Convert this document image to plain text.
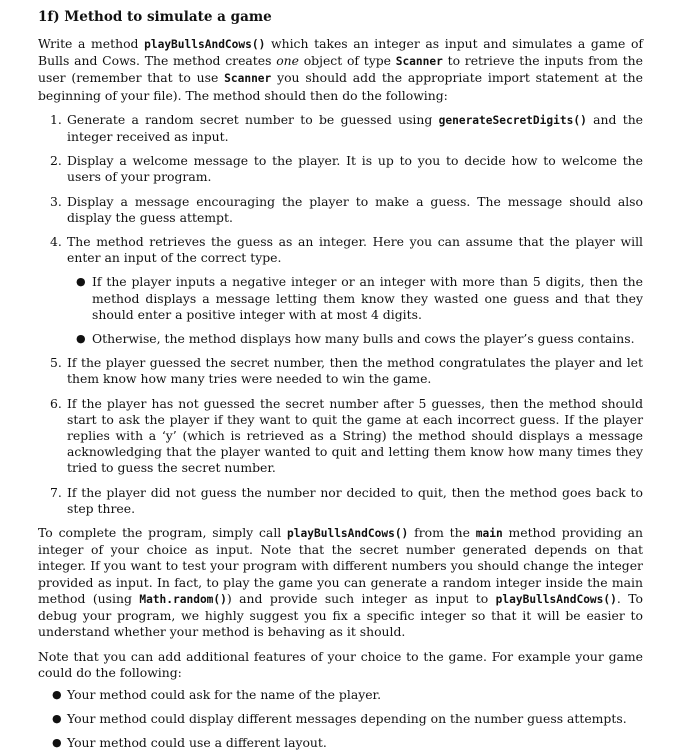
1f) Method to simulate a game

Write a method playBullsAndCows() which takes an integer as input and simulates a game of Bulls and Cows. The method creates one object of type Scanner to retrieve the inputs from the user (remember that to use Scanner you should add the appropriate import statement at the beginning of your file). The method should then do the following:

1. Generate a random secret number to be guessed using generateSecretDigits() and the integer received as input.
2. Display a welcome message to the player. It is up to you to decide how to welcome the users of your program.
3. Display a message encouraging the player to make a guess. The message should also display the guess attempt.
4. The method retrieves the guess as an integer. Here you can assume that the player will enter an input of the correct type.
● If the player inputs a negative integer or an integer with more than 5 digits, then the method displays a message letting them know they wasted one guess and that they should enter a positive integer with at most 4 digits.
● Otherwise, the method displays how many bulls and cows the player’s guess contains.
5. If the player guessed the secret number, then the method congratulates the player and let them know how many tries were needed to win the game.
6. If the player has not guessed the secret number after 5 guesses, then the method should start to ask the player if they want to quit the game at each incorrect guess. If the player replies with a ‘y’ (which is retrieved as a String) the method should displays a message acknowledging that the player wanted to quit and letting them know how many times they tried to guess the secret number.
7. If the player did not guess the number nor decided to quit, then the method goes back to step three.

To complete the program, simply call playBullsAndCows() from the main method providing an integer of your choice as input. Note that the secret number generated depends on that integer. If you want to test your program with different numbers you should change the integer provided as input. In fact, to play the game you can generate a random integer inside the main method (using Math.random()) and provide such integer as input to playBullsAndCows(). To debug your program, we highly suggest you fix a specific integer so that it will be easier to understand whether your method is behaving as it should.

Note that you can add additional features of your choice to the game. For example your game could do the following:

● Your method could ask for the name of the player.
● Your method could display different messages depending on the number guess attempts.
● Your method could use a different layout.
